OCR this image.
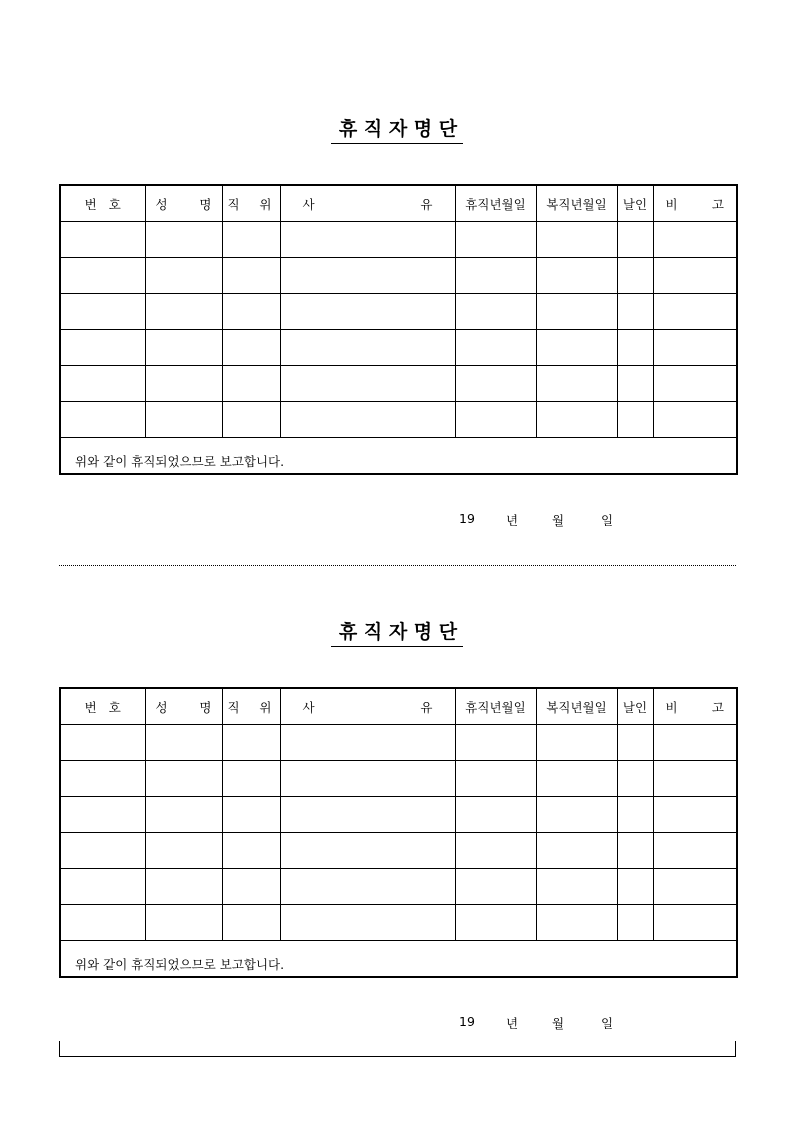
휴 직 자 명 단
번 호	성 명	직 위	사 유	휴직년월일	복직년월일	날인	비 고

위와 같이 휴직되었으므로 보고합니다.
19 년 월 일							
휴 직 자 명 단
번 호	성 명	직 위	사 유	휴직년월일	복직년월일	날인	비 고

위와 같이 휴직되었으므로 보고합니다.
19 년 월 일							
